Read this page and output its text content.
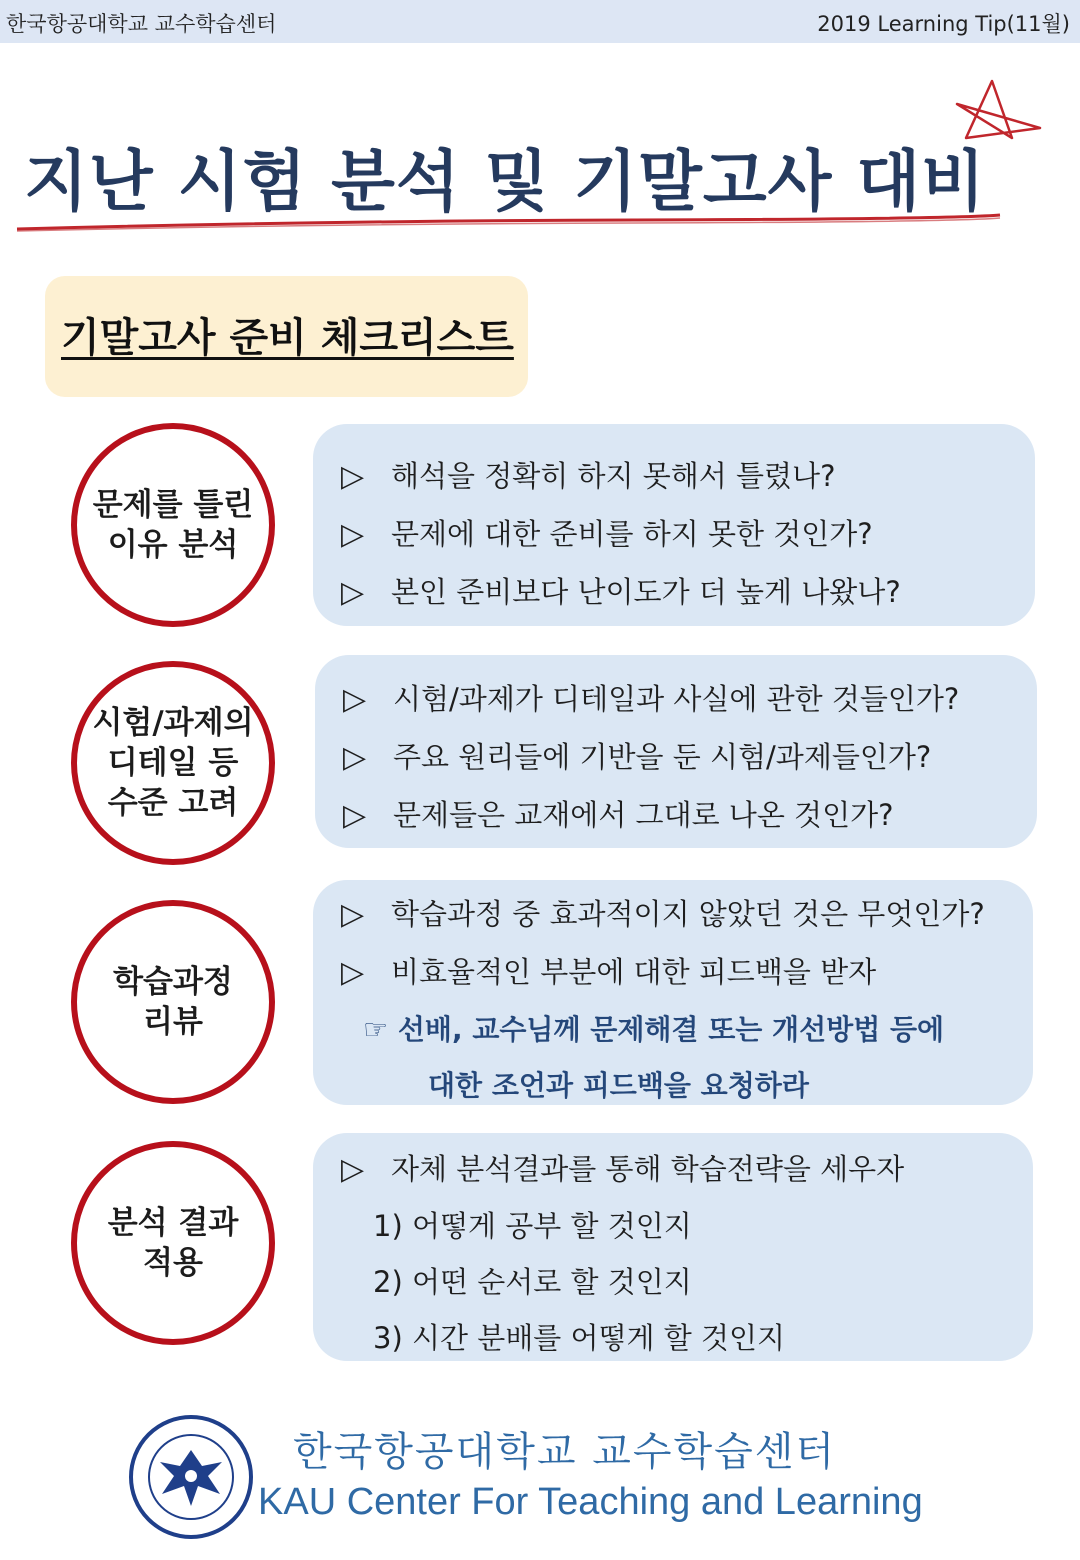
한국항공대학교 교수학습센터	2019 Learning Tip(11월)
지난 시험 분석 및 기말고사 대비
기말고사 준비 체크리스트
문제를 틀린
이유 분석
▷ 해석을 정확히 하지 못해서 틀렸나?
▷ 문제에 대한 준비를 하지 못한 것인가?
▷ 본인 준비보다 난이도가 더 높게 나왔나?
시험/과제의
디테일 등
수준 고려
▷ 시험/과제가 디테일과 사실에 관한 것들인가?
▷ 주요 원리들에 기반을 둔 시험/과제들인가?
▷ 문제들은 교재에서 그대로 나온 것인가?
학습과정
리뷰
▷ 학습과정 중 효과적이지 않았던 것은 무엇인가?
▷ 비효율적인 부분에 대한 피드백을 받자
☞ 선배, 교수님께 문제해결 또는 개선방법 등에
대한 조언과 피드백을 요청하라
분석 결과
적용
▷ 자체 분석결과를 통해 학습전략을 세우자
1) 어떻게 공부 할 것인지
2) 어떤 순서로 할 것인지
3) 시간 분배를 어떻게 할 것인지
한국항공대학교 교수학습센터
KAU Center For Teaching and Learning
